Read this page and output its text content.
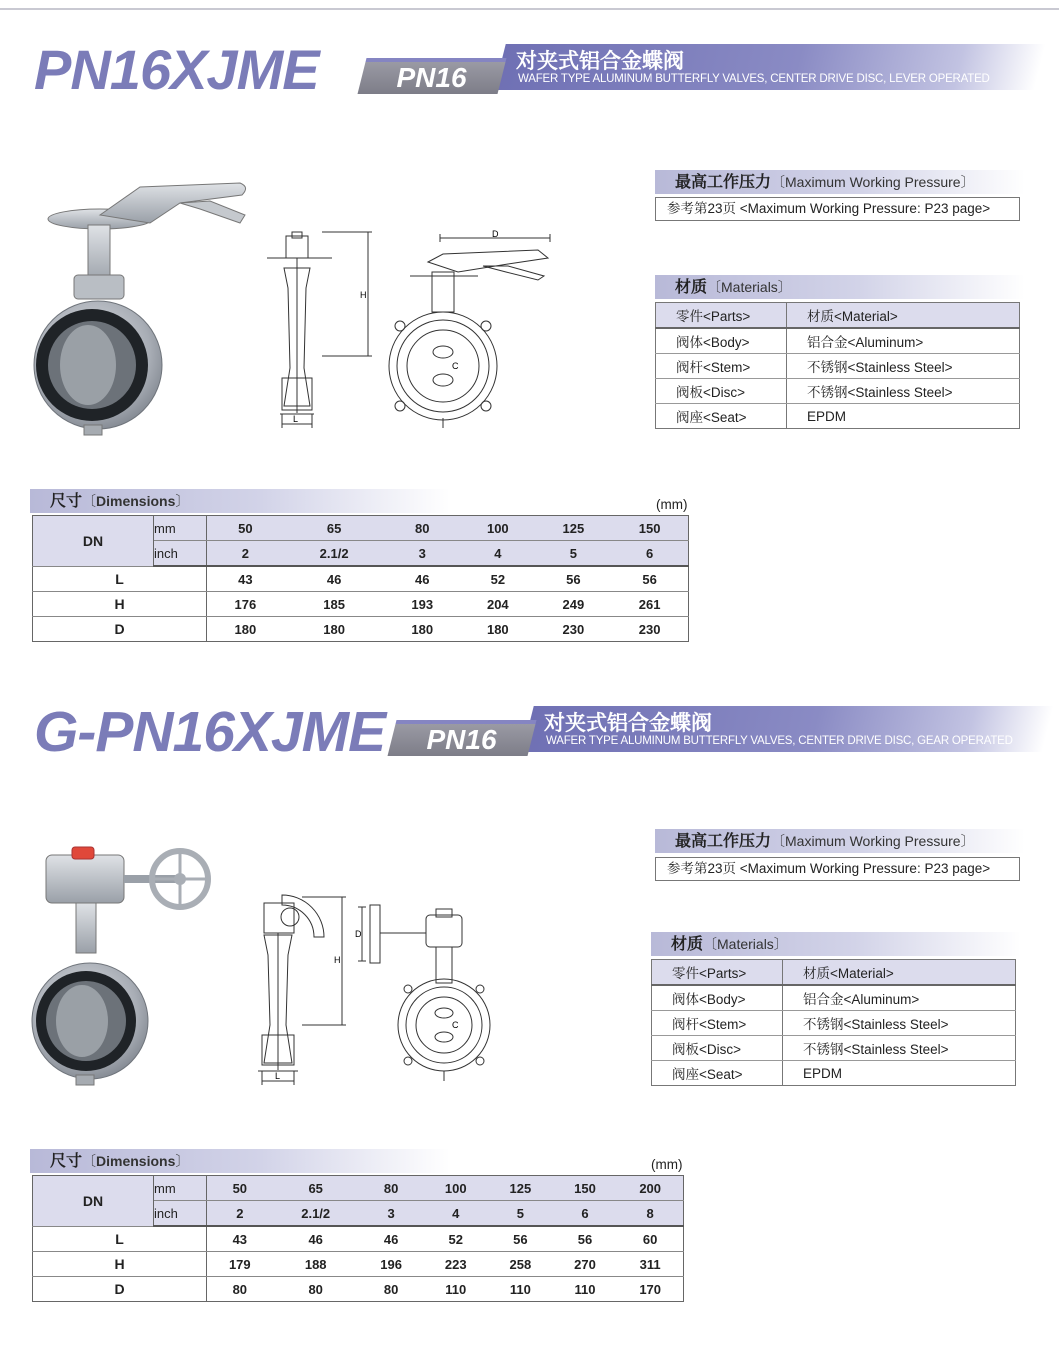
PN16
PN16XJME	对夹式铝合金蝶阀
WAFER TYPE ALUMINUM BUTTERFLY VALVES, CENTER DRIVE DISC, LEVER OPERATED
H
L
D
C
最高工作压力〔Maximum Working Pressure〕
参考第23页 <Maximum Working Pressure: P23 page>
材质〔Materials〕
零件<Parts>	材质<Material>
阀体<Body>	铝合金<Aluminum>
阀杆<Stem>	不锈钢<Stainless Steel>
阀板<Disc>	不锈钢<Stainless Steel>
阀座<Seat>	EPDM
尺寸〔Dimensions〕	(mm)
DN	mm	50	65	80	100	125	150
	inch	2	2.1/2	3	4	5	6
L		43	46	46	52	56	56
H		176	185	193	204	249	261
D		180	180	180	180	230	230
PN16
G-PN16XJME	对夹式铝合金蝶阀
WAFER TYPE ALUMINUM BUTTERFLY VALVES, CENTER DRIVE DISC, GEAR OPERATED
H
L
D
C
最高工作压力〔Maximum Working Pressure〕
参考第23页 <Maximum Working Pressure: P23 page>
材质〔Materials〕
零件<Parts>	材质<Material>
阀体<Body>	铝合金<Aluminum>
阀杆<Stem>	不锈钢<Stainless Steel>
阀板<Disc>	不锈钢<Stainless Steel>
阀座<Seat>	EPDM
尺寸〔Dimensions〕	(mm)
DN	mm	50	65	80	100	125	150	200
	inch	2	2.1/2	3	4	5	6	8
L		43	46	46	52	56	56	60
H		179	188	196	223	258	270	311
D		80	80	80	110	110	110	170
